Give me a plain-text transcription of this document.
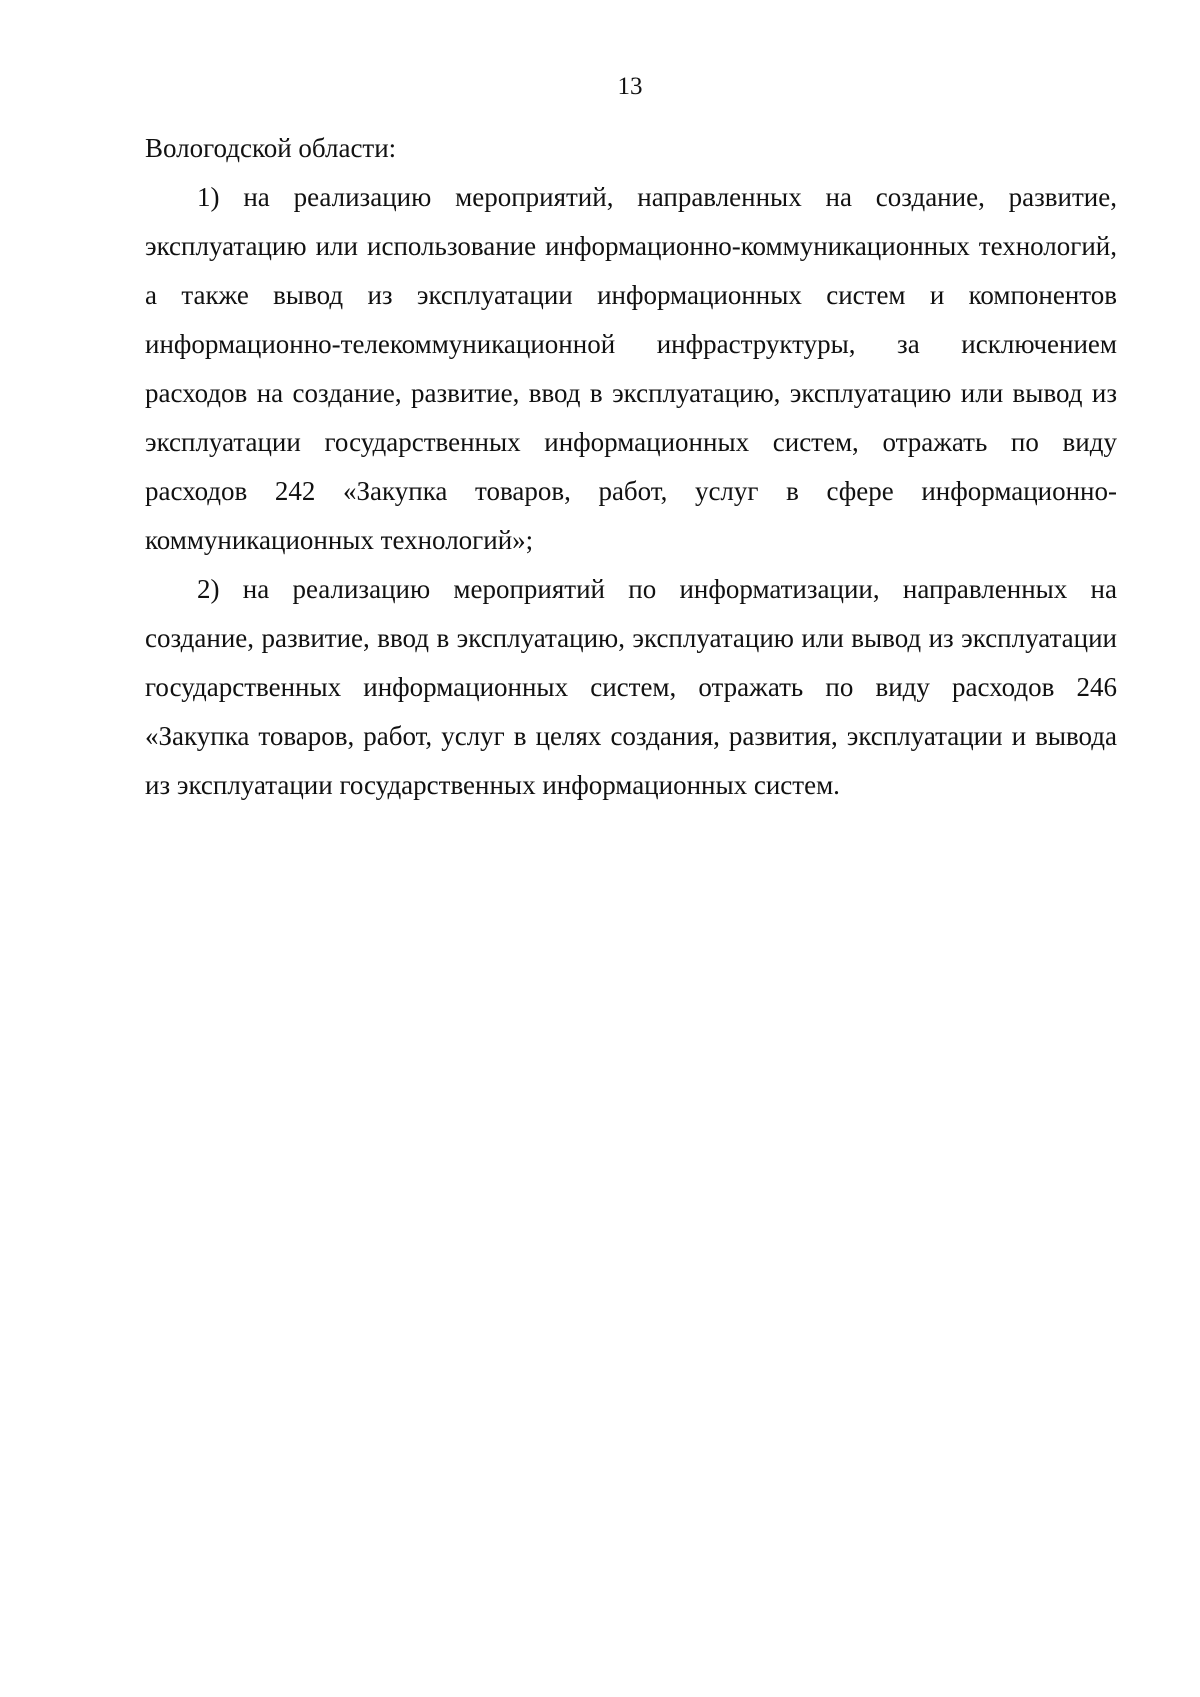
13

Вологодской области:

1) на реализацию мероприятий, направленных на создание, развитие, эксплуатацию или использование информационно-коммуникационных технологий, а также вывод из эксплуатации информационных систем и компонентов информационно-телекоммуникационной инфраструктуры, за исключением расходов на создание, развитие, ввод в эксплуатацию, эксплуатацию или вывод из эксплуатации государственных информационных систем, отражать по виду расходов 242 «Закупка товаров, работ, услуг в сфере информационно-коммуникационных технологий»;

2) на реализацию мероприятий по информатизации, направленных на создание, развитие, ввод в эксплуатацию, эксплуатацию или вывод из эксплуатации государственных информационных систем, отражать по виду расходов 246 «Закупка товаров, работ, услуг в целях создания, развития, эксплуатации и вывода из эксплуатации государственных информационных систем.
